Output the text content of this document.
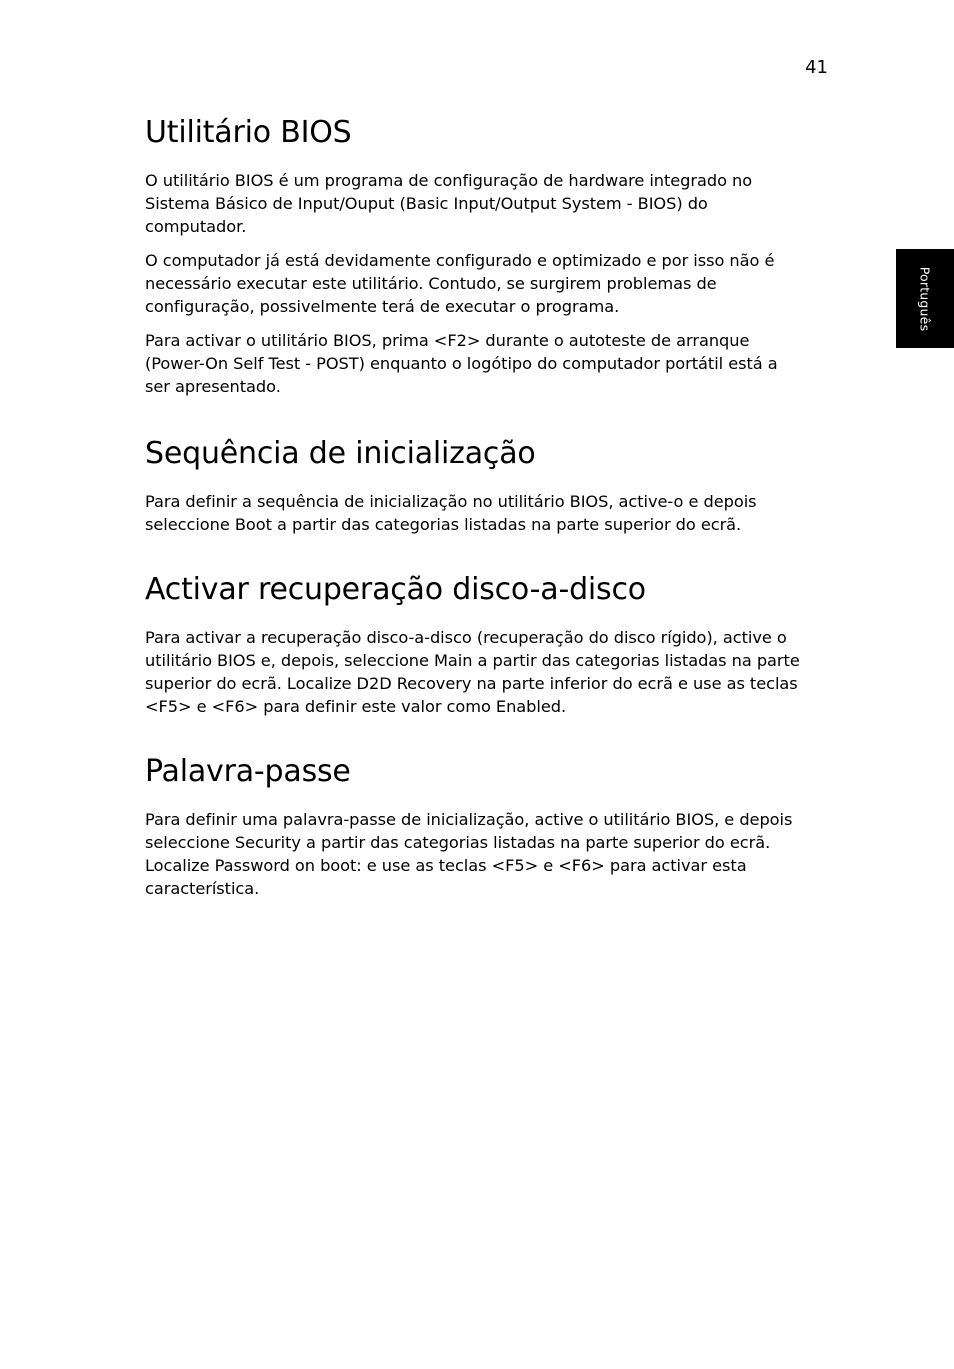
41
Português
Utilitário BIOS

O utilitário BIOS é um programa de configuração de hardware integrado no
Sistema Básico de Input/Ouput (Basic Input/Output System - BIOS) do
computador.

O computador já está devidamente configurado e optimizado e por isso não é
necessário executar este utilitário. Contudo, se surgirem problemas de
configuração, possivelmente terá de executar o programa.

Para activar o utilitário BIOS, prima <F2> durante o autoteste de arranque
(Power-On Self Test - POST) enquanto o logótipo do computador portátil está a
ser apresentado.

Sequência de inicialização

Para definir a sequência de inicialização no utilitário BIOS, active-o e depois
seleccione Boot a partir das categorias listadas na parte superior do ecrã.

Activar recuperação disco-a-disco

Para activar a recuperação disco-a-disco (recuperação do disco rígido), active o
utilitário BIOS e, depois, seleccione Main a partir das categorias listadas na parte
superior do ecrã. Localize D2D Recovery na parte inferior do ecrã e use as teclas
<F5> e <F6> para definir este valor como Enabled.

Palavra-passe

Para definir uma palavra-passe de inicialização, active o utilitário BIOS, e depois
seleccione Security a partir das categorias listadas na parte superior do ecrã.
Localize Password on boot: e use as teclas <F5> e <F6> para activar esta
característica.
